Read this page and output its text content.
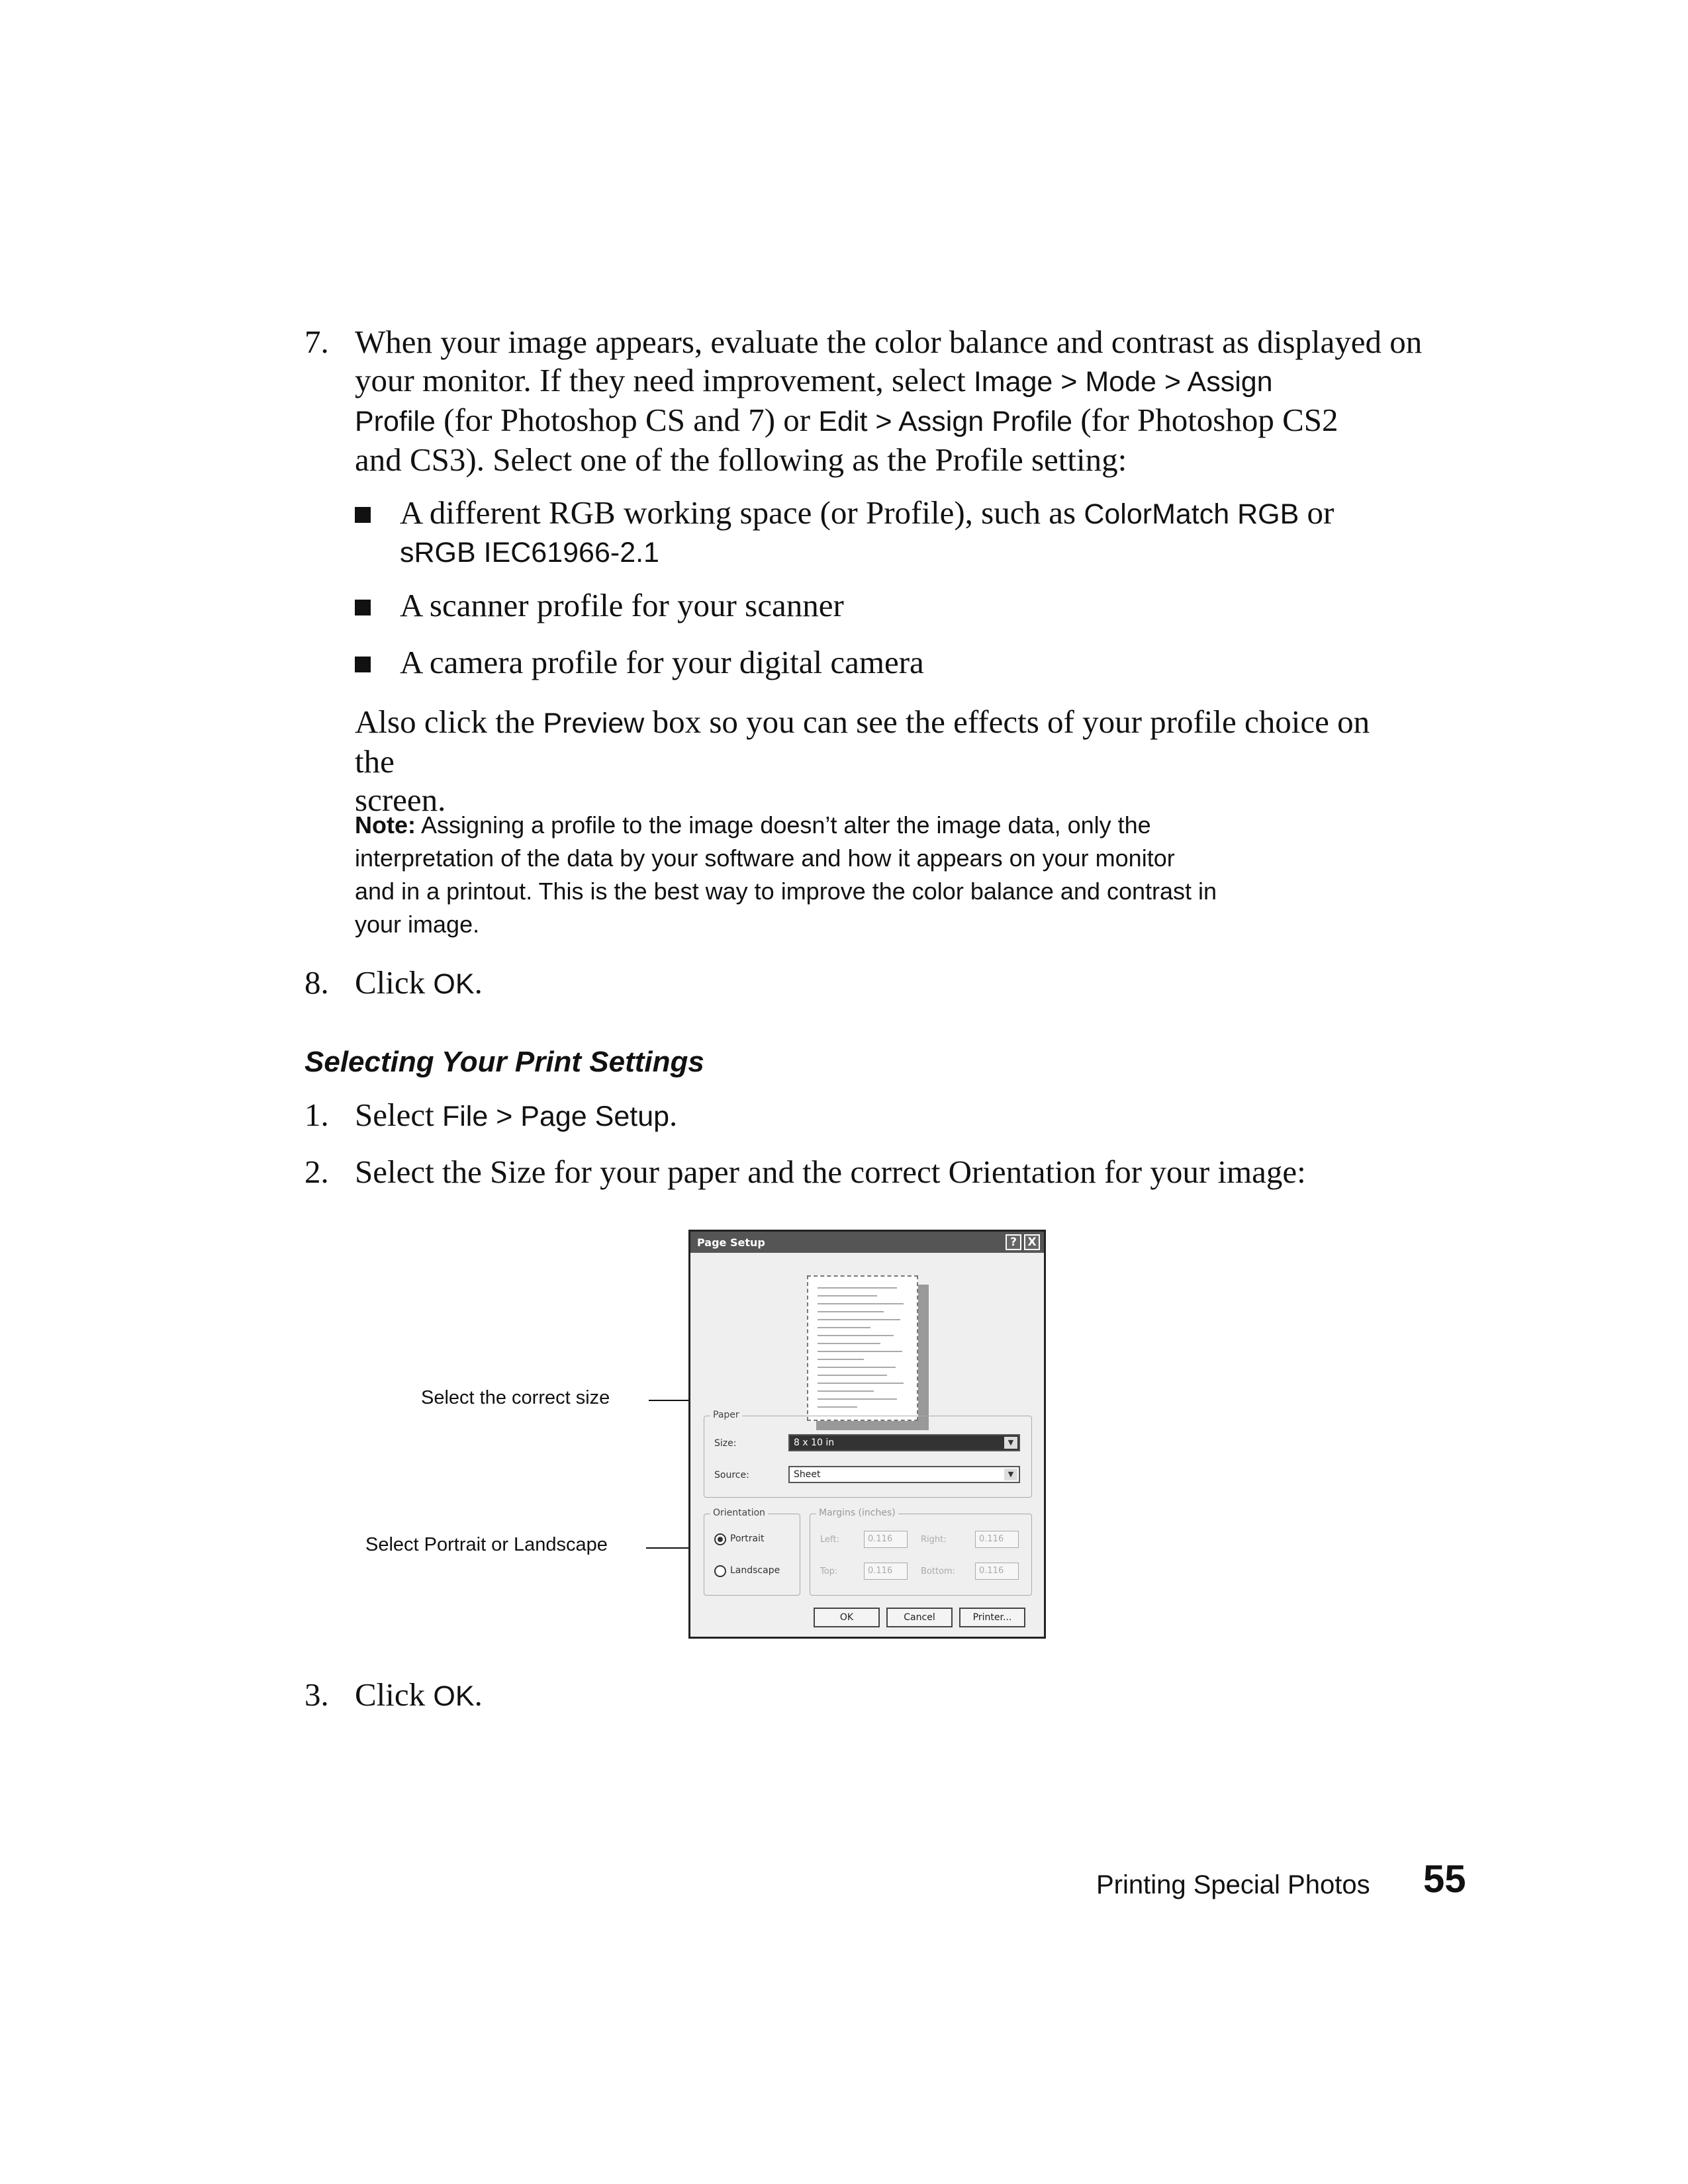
7. When your image appears, evaluate the color balance and contrast as displayed on
your monitor. If they need improvement, select Image > Mode > Assign
Profile (for Photoshop CS and 7) or Edit > Assign Profile (for Photoshop CS2
and CS3). Select one of the following as the Profile setting:
A different RGB working space (or Profile), such as ColorMatch RGB or
sRGB IEC61966-2.1
A scanner profile for your scanner
A camera profile for your digital camera
Also click the Preview box so you can see the effects of your profile choice on the
screen.
Note: Assigning a profile to the image doesn’t alter the image data, only the
interpretation of the data by your software and how it appears on your monitor
and in a printout. This is the best way to improve the color balance and contrast in
your image.
8. Click OK.
Selecting Your Print Settings
1. Select File > Page Setup.
2. Select the Size for your paper and the correct Orientation for your image:
Select the correct size
Select Portrait or Landscape
Page Setup	? X
Paper
Size:	8 x 10 in	▼
Source:	Sheet	▼
Orientation
Portrait
Landscape
Margins (inches)
Left:	0.116	Right:	0.116
Top:	0.116	Bottom:	0.116
OK	Cancel	Printer...
3. Click OK.
Printing Special Photos 55
